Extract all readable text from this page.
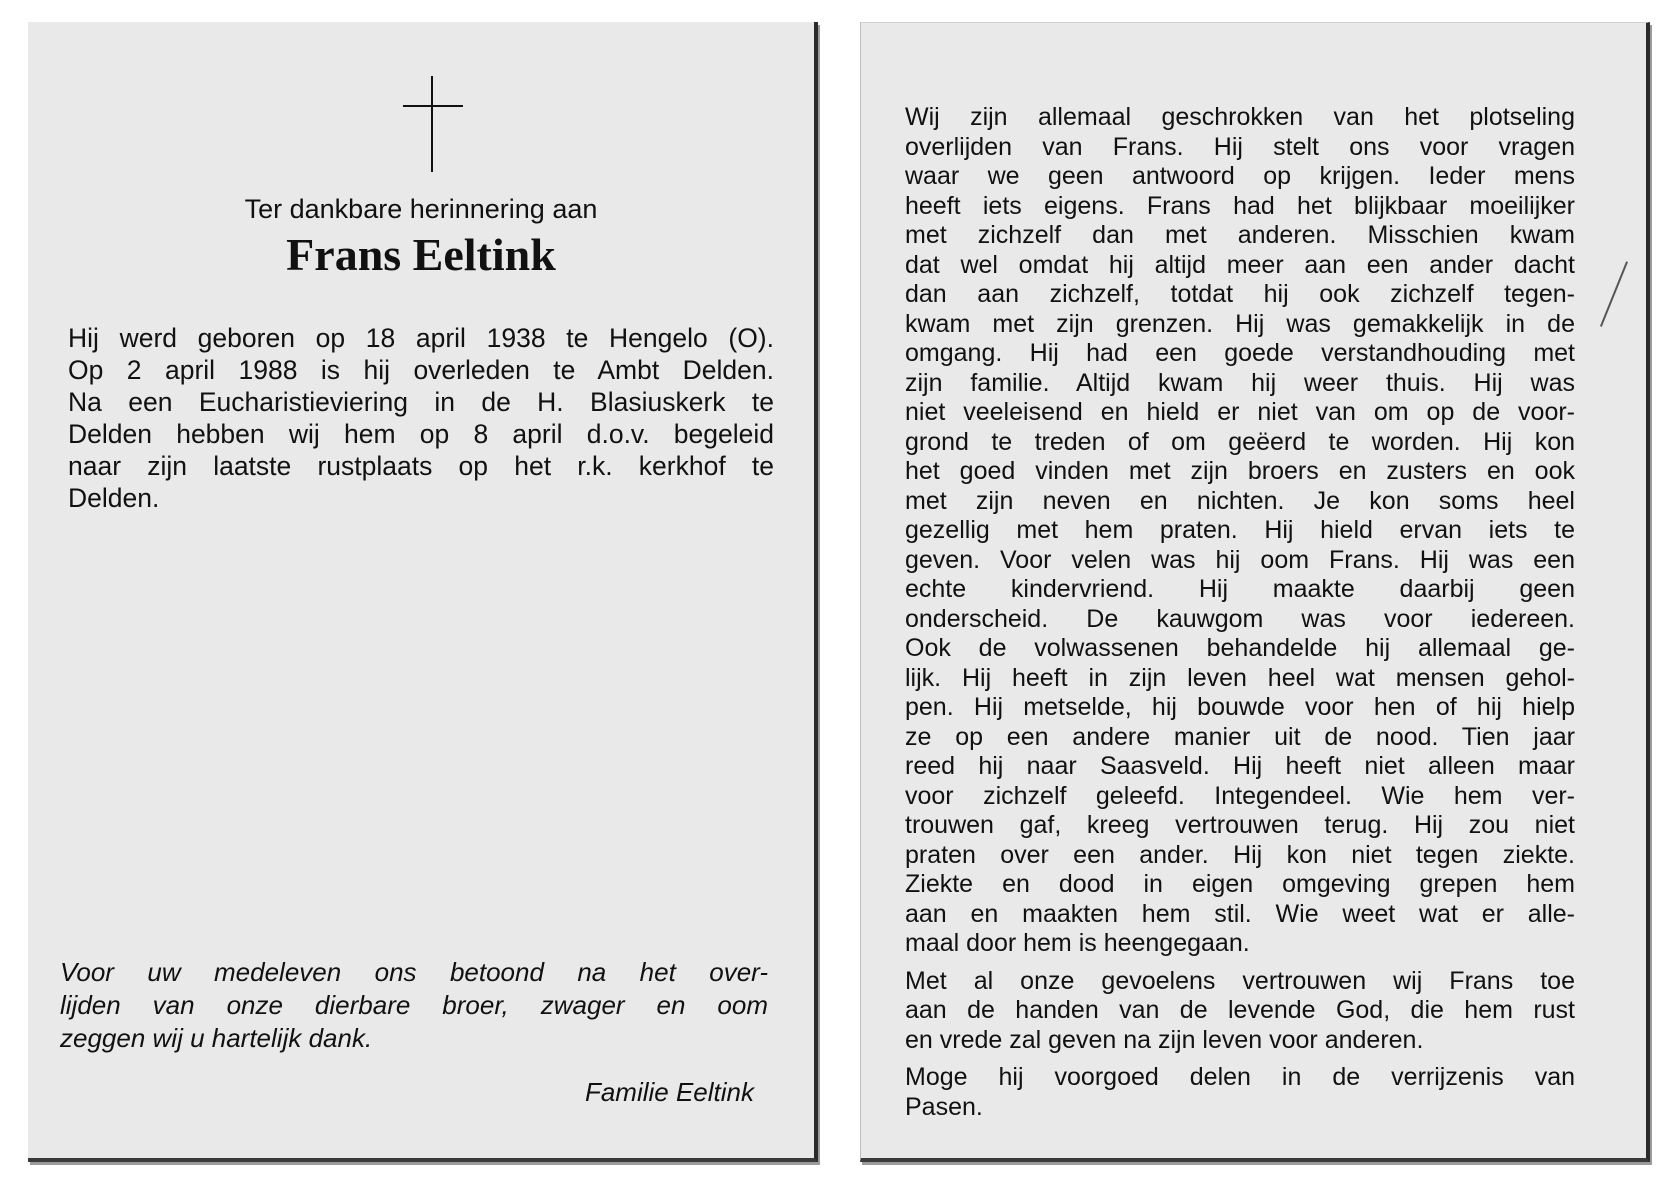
Ter dankbare herinnering aan
Frans Eeltink
Hij werd geboren op 18 april 1938 te Hengelo (O).
Op 2 april 1988 is hij overleden te Ambt Delden.
Na een Eucharistieviering in de H. Blasiuskerk te
Delden hebben wij hem op 8 april d.o.v. begeleid
naar zijn laatste rustplaats op het r.k. kerkhof te
Delden.
Voor uw medeleven ons betoond na het over-
lijden van onze dierbare broer, zwager en oom
zeggen wij u hartelijk dank.
Familie Eeltink
Wij zijn allemaal geschrokken van het plotseling
overlijden van Frans. Hij stelt ons voor vragen
waar we geen antwoord op krijgen. Ieder mens
heeft iets eigens. Frans had het blijkbaar moeilijker
met zichzelf dan met anderen. Misschien kwam
dat wel omdat hij altijd meer aan een ander dacht
dan aan zichzelf, totdat hij ook zichzelf tegen-
kwam met zijn grenzen. Hij was gemakkelijk in de
omgang. Hij had een goede verstandhouding met
zijn familie. Altijd kwam hij weer thuis. Hij was
niet veeleisend en hield er niet van om op de voor-
grond te treden of om geëerd te worden. Hij kon
het goed vinden met zijn broers en zusters en ook
met zijn neven en nichten. Je kon soms heel
gezellig met hem praten. Hij hield ervan iets te
geven. Voor velen was hij oom Frans. Hij was een
echte kindervriend. Hij maakte daarbij geen
onderscheid. De kauwgom was voor iedereen.
Ook de volwassenen behandelde hij allemaal ge-
lijk. Hij heeft in zijn leven heel wat mensen gehol-
pen. Hij metselde, hij bouwde voor hen of hij hielp
ze op een andere manier uit de nood. Tien jaar
reed hij naar Saasveld. Hij heeft niet alleen maar
voor zichzelf geleefd. Integendeel. Wie hem ver-
trouwen gaf, kreeg vertrouwen terug. Hij zou niet
praten over een ander. Hij kon niet tegen ziekte.
Ziekte en dood in eigen omgeving grepen hem
aan en maakten hem stil. Wie weet wat er alle-
maal door hem is heengegaan.
Met al onze gevoelens vertrouwen wij Frans toe
aan de handen van de levende God, die hem rust
en vrede zal geven na zijn leven voor anderen.
Moge hij voorgoed delen in de verrijzenis van
Pasen.
